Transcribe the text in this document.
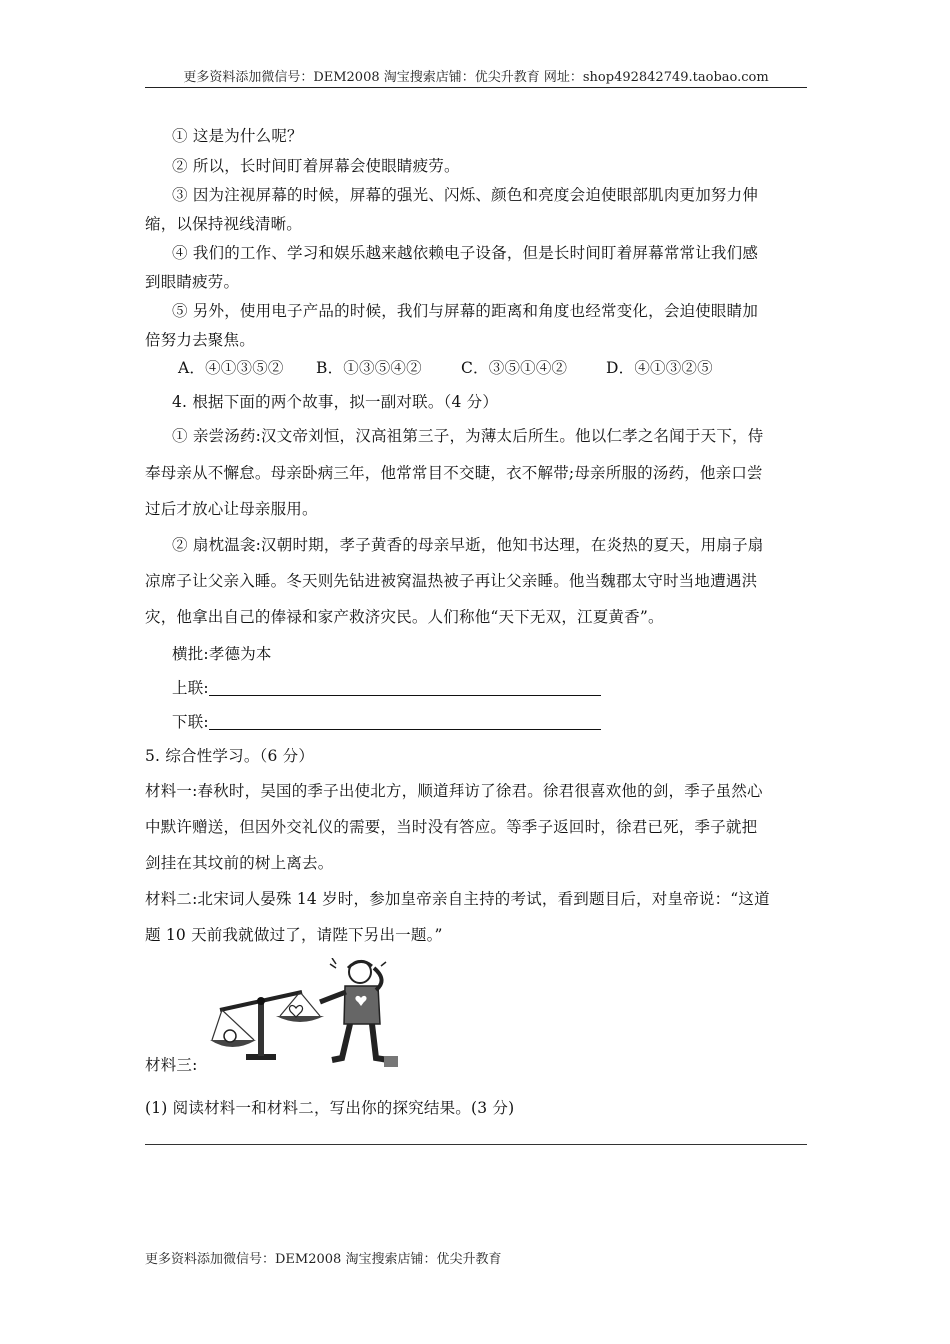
更多资料添加微信号：DEM2008 淘宝搜索店铺：优尖升教育 网址：shop492842749.taobao.com
① 这是为什么呢？
② 所以，长时间盯着屏幕会使眼睛疲劳。
③ 因为注视屏幕的时候，屏幕的强光、闪烁、颜色和亮度会迫使眼部肌肉更加努力伸
缩，以保持视线清晰。
④ 我们的工作、学习和娱乐越来越依赖电子设备，但是长时间盯着屏幕常常让我们感
到眼睛疲劳。
⑤ 另外，使用电子产品的时候，我们与屏幕的距离和角度也经常变化，会迫使眼睛加
倍努力去聚焦。
A．④①③⑤② B．①③⑤④②	C．③⑤①④② D．④①③②⑤
4. 根据下面的两个故事，拟一副对联。（4 分）
① 亲尝汤药:汉文帝刘恒，汉高祖第三子，为薄太后所生。他以仁孝之名闻于天下，侍
奉母亲从不懈怠。母亲卧病三年，他常常目不交睫，衣不解带;母亲所服的汤药，他亲口尝
过后才放心让母亲服用。
② 扇枕温衾:汉朝时期，孝子黄香的母亲早逝，他知书达理，在炎热的夏天，用扇子扇
凉席子让父亲入睡。冬天则先钻进被窝温热被子再让父亲睡。他当魏郡太守时当地遭遇洪
灾，他拿出自己的俸禄和家产救济灾民。人们称他“天下无双，江夏黄香”。
横批:孝德为本
上联:
下联:
5. 综合性学习。（6 分）
材料一:春秋时，吴国的季子出使北方，顺道拜访了徐君。徐君很喜欢他的剑，季子虽然心
中默许赠送，但因外交礼仪的需要，当时没有答应。等季子返回时，徐君已死，季子就把
剑挂在其坟前的树上离去。
材料二:北宋词人晏殊 14 岁时，参加皇帝亲自主持的考试，看到题目后，对皇帝说：“这道
题 10 天前我就做过了，请陛下另出一题。”
材料三:
(1) 阅读材料一和材料二，写出你的探究结果。(3 分)
更多资料添加微信号：DEM2008 淘宝搜索店铺：优尖升教育
